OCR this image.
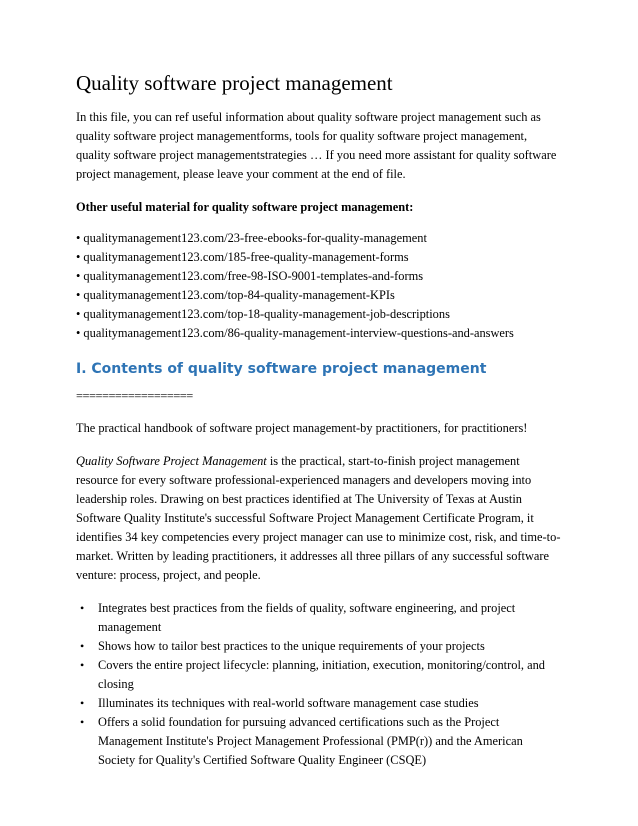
Quality software project management

In this file, you can ref useful information about quality software project management such as quality software project managementforms, tools for quality software project management, quality software project managementstrategies … If you need more assistant for quality software project management, please leave your comment at the end of file.

Other useful material for quality software project management:

• qualitymanagement123.com/23-free-ebooks-for-quality-management
• qualitymanagement123.com/185-free-quality-management-forms
• qualitymanagement123.com/free-98-ISO-9001-templates-and-forms
• qualitymanagement123.com/top-84-quality-management-KPIs
• qualitymanagement123.com/top-18-quality-management-job-descriptions
• qualitymanagement123.com/86-quality-management-interview-questions-and-answers
I. Contents of quality software project management

==================

The practical handbook of software project management-by practitioners, for practitioners!

Quality Software Project Management is the practical, start-to-finish project management resource for every software professional-experienced managers and developers moving into leadership roles. Drawing on best practices identified at The University of Texas at Austin Software Quality Institute's successful Software Project Management Certificate Program, it identifies 34 key competencies every project manager can use to minimize cost, risk, and time-to-market. Written by leading practitioners, it addresses all three pillars of any successful software venture: process, project, and people.

• Integrates best practices from the fields of quality, software engineering, and project management
• Shows how to tailor best practices to the unique requirements of your projects
• Covers the entire project lifecycle: planning, initiation, execution, monitoring/control, and closing
• Illuminates its techniques with real-world software management case studies
• Offers a solid foundation for pursuing advanced certifications such as the Project Management Institute's Project Management Professional (PMP(r)) and the American Society for Quality's Certified Software Quality Engineer (CSQE)
